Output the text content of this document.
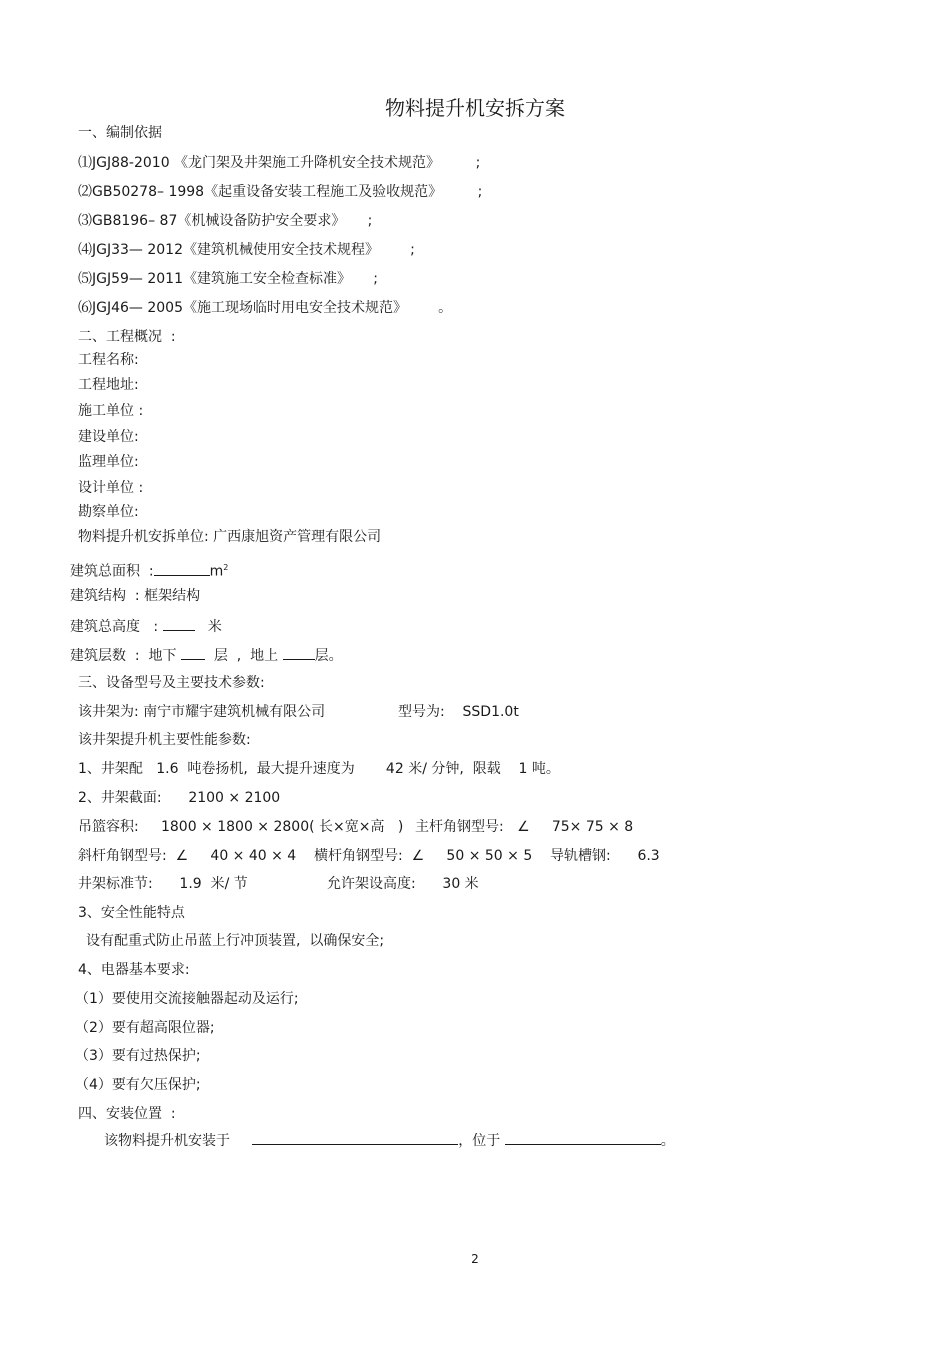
物料提升机安拆方案
一、编制依据
⑴JGJ88-2010 《龙门架及井架施工升降机安全技术规范》        ;
⑵GB50278– 1998《起重设备安装工程施工及验收规范》        ;
⑶GB8196– 87《机械设备防护安全要求》     ;
⑷JGJ33— 2012《建筑机械使用安全技术规程》       ;
⑸JGJ59— 2011《建筑施工安全检查标准》     ;
⑹JGJ46— 2005《施工现场临时用电安全技术规范》       。
二、工程概况  :
工程名称:
工程地址:
施工单位 :
建设单位:
监理单位:
设计单位 :
勘察单位:
物料提升机安拆单位: 广西康旭资产管理有限公司
建筑总面积  :	$m^2$
建筑结构  : 框架结构
建筑总高度   :	米
建筑层数  :  地下	层  ,  地上	层。
三、设备型号及主要技术参数:
该井架为: 南宁市耀宇建筑机械有限公司	型号为:    SSD1.0t
该井架提升机主要性能参数:
1、井架配   1.6  吨卷扬机,  最大提升速度为       42 米/ 分钟,  限载    1 吨。
2、井架截面:      2100 × 2100
吊篮容积:     1800 × 1800 × 2800( 长×宽×高   ) 主杆角钢型号:   ∠     75× 75 × 8
斜杆角钢型号:  ∠     40 × 40 × 4    横杆角钢型号:  ∠     50 × 50 × 5    导轨槽钢:      6.3
井架标准节:      1.9  米/ 节	允许架设高度:      30 米
3、安全性能特点
设有配重式防止吊蓝上行冲顶装置,  以确保安全;
4、电器基本要求:
（1）要使用交流接触器起动及运行;
（2）要有超高限位器;
（3）要有过热保护;
（4）要有欠压保护;
四、安装位置  :
该物料提升机安装于	，位于	。
2
